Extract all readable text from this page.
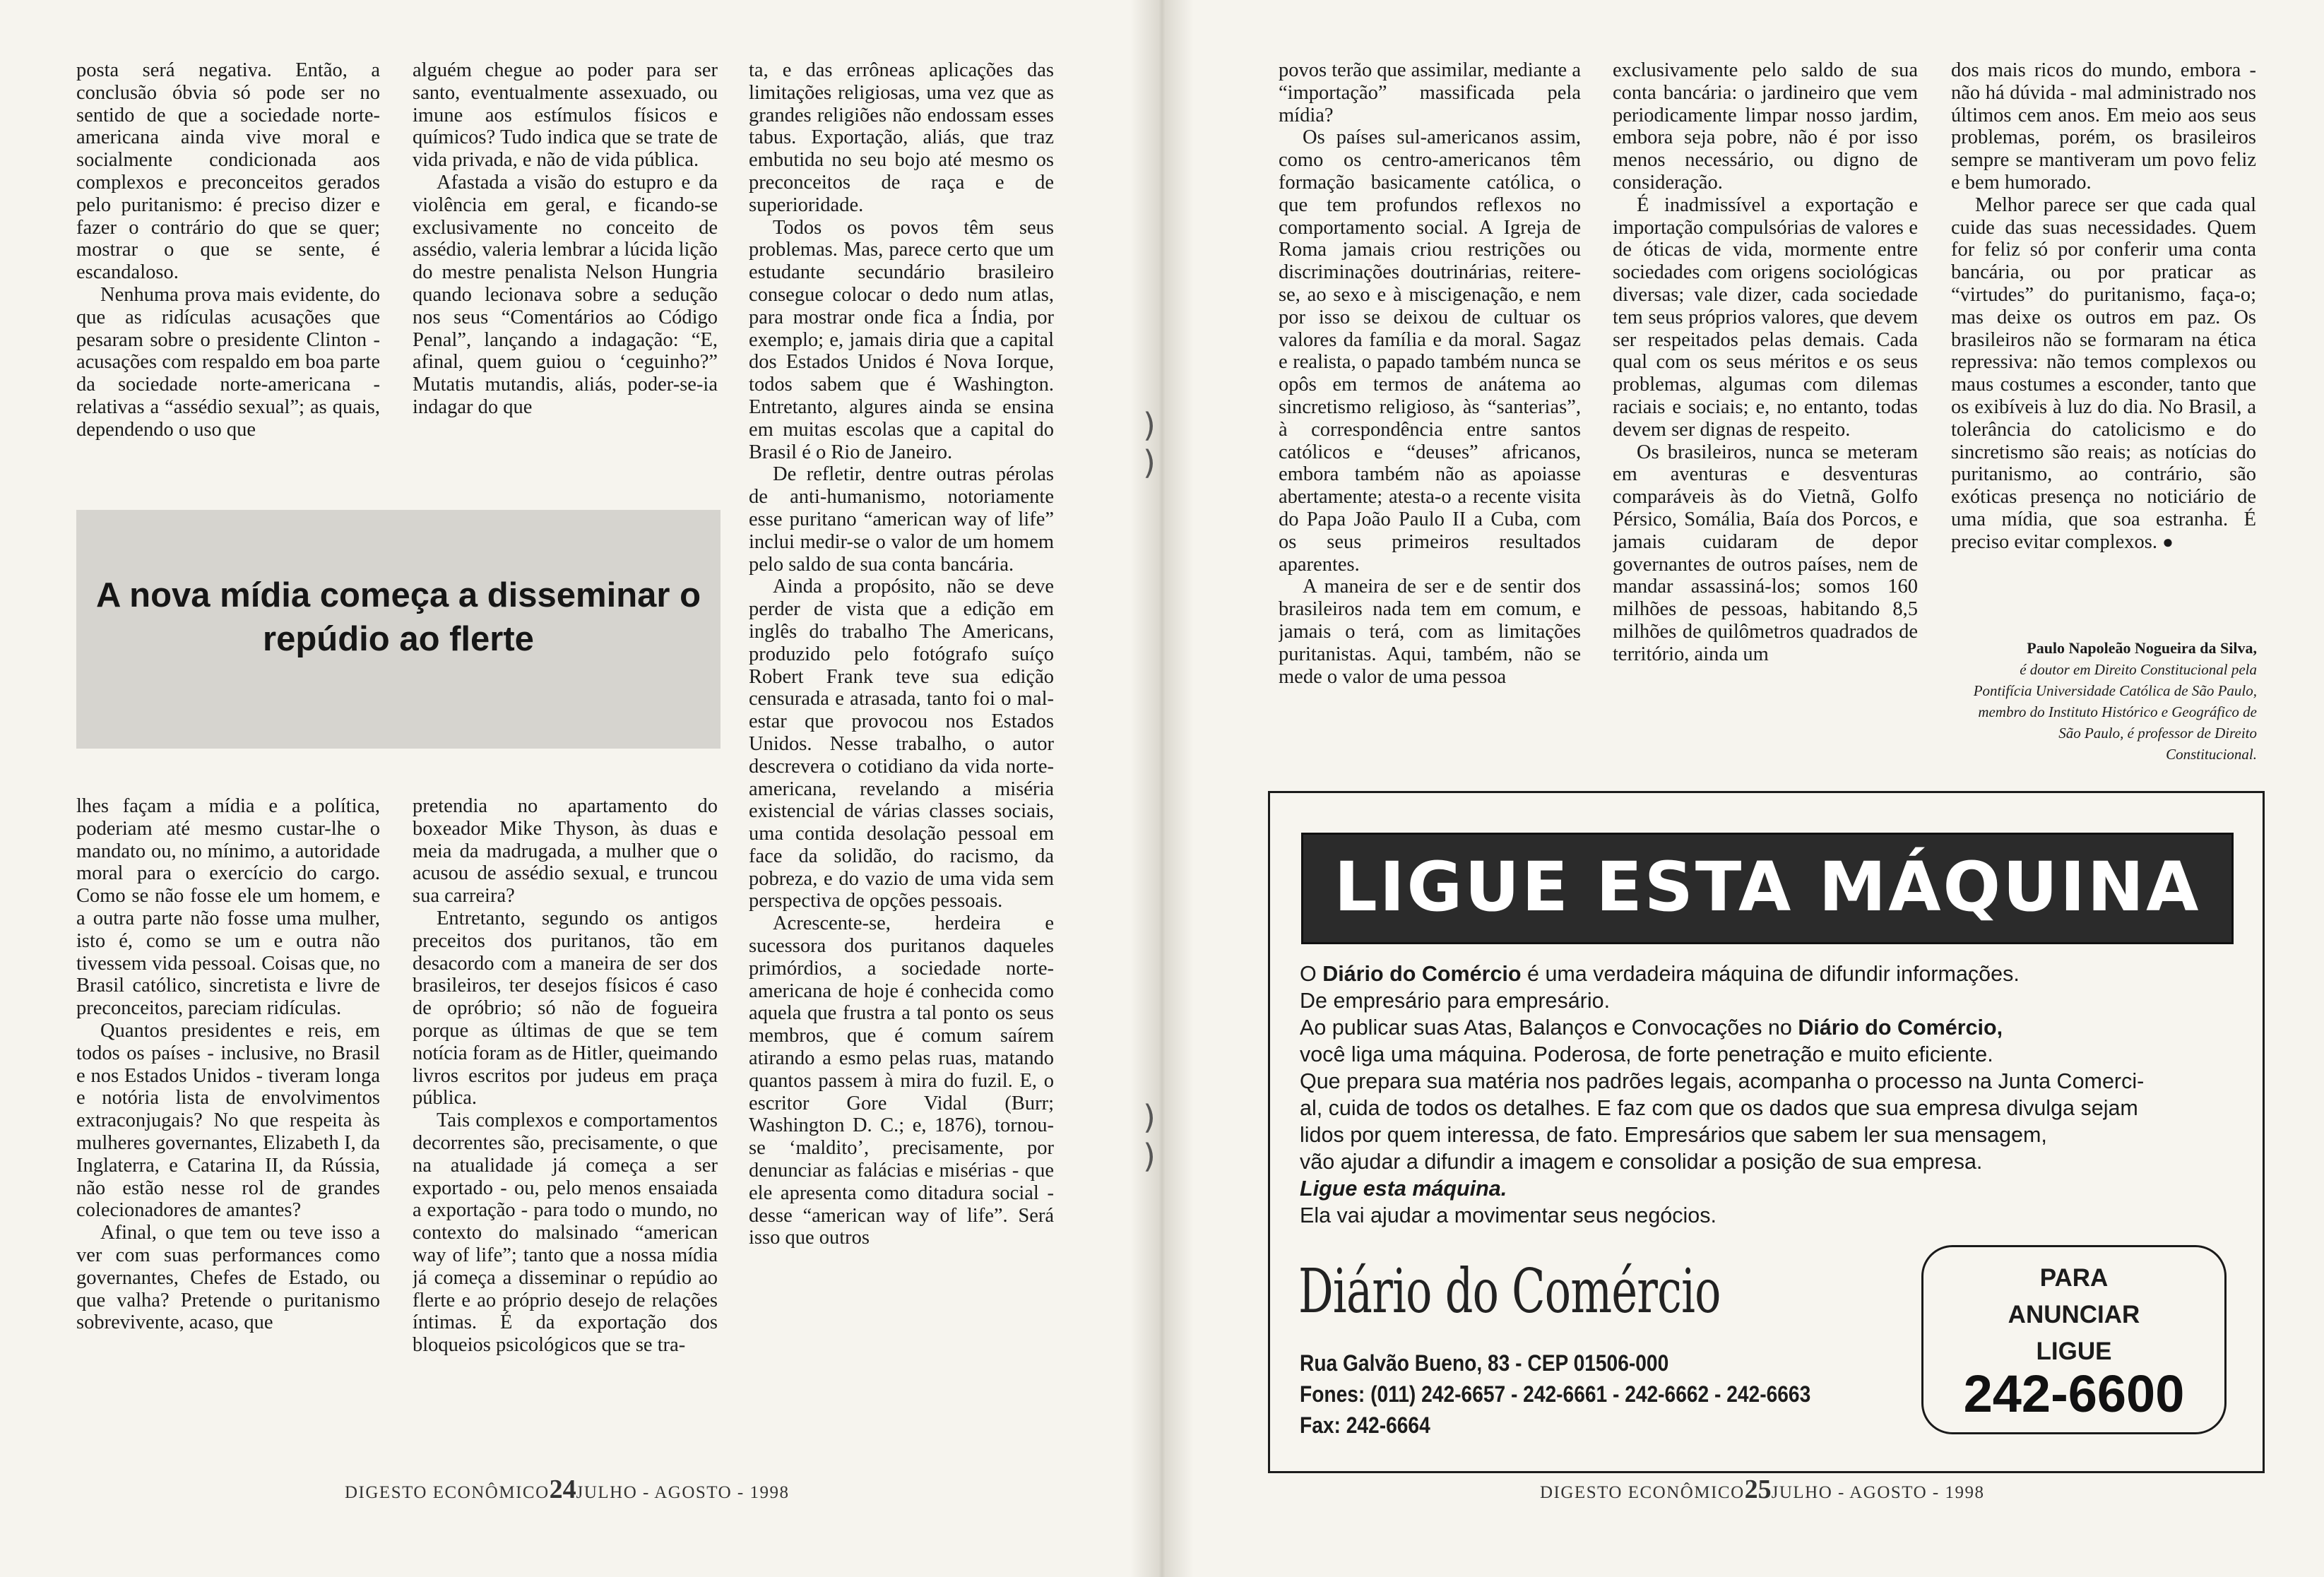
)
)
)
)

posta será negativa. Então, a conclusão óbvia só pode ser no sentido de que a sociedade norte-americana ainda vive moral e socialmente condicionada aos complexos e preconceitos gerados pelo puritanismo: é preciso dizer e fazer o contrário do que se quer; mostrar o que se sente, é escandaloso.

Nenhuma prova mais evidente, do que as ridículas acusações que pesaram sobre o presidente Clinton - acusações com respaldo em boa parte da sociedade norte-americana - relativas a “assédio sexual”; as quais, dependendo o uso que

alguém chegue ao poder para ser santo, eventualmente assexuado, ou imune aos estímulos físicos e químicos? Tudo indica que se trate de vida privada, e não de vida pública.

Afastada a visão do estupro e da violência em geral, e ficando-se exclusivamente no conceito de assédio, valeria lembrar a lúcida lição do mestre penalista Nelson Hungria quando lecionava sobre a sedução nos seus “Comentários ao Código Penal”, lançando a indagação: “E, afinal, quem guiou o ‘ceguinho?” Mutatis mutandis, aliás, poder-se-ia indagar do que

ta, e das errôneas aplicações das limitações religiosas, uma vez que as grandes religiões não endossam esses tabus. Exportação, aliás, que traz embutida no seu bojo até mesmo os preconceitos de raça e de superioridade.

Todos os povos têm seus problemas. Mas, parece certo que um estudante secundário brasileiro consegue colocar o dedo num atlas, para mostrar onde fica a Índia, por exemplo; e, jamais diria que a capital dos Estados Unidos é Nova Iorque, todos sabem que é Washington. Entretanto, algures ainda se ensina em muitas escolas que a capital do Brasil é o Rio de Janeiro.

De refletir, dentre outras pérolas de anti-humanismo, notoriamente esse puritano “american way of life” inclui medir-se o valor de um homem pelo saldo de sua conta bancária.

Ainda a propósito, não se deve perder de vista que a edição em inglês do trabalho The Americans, produzido pelo fotógrafo suíço Robert Frank teve sua edição censurada e atrasada, tanto foi o mal-estar que provocou nos Estados Unidos. Nesse trabalho, o autor descrevera o cotidiano da vida norte-americana, revelando a miséria existencial de várias classes sociais, uma contida desolação pessoal em face da solidão, do racismo, da pobreza, e do vazio de uma vida sem perspectiva de opções pessoais.

Acrescente-se, herdeira e sucessora dos puritanos daqueles primórdios, a sociedade norte-americana de hoje é conhecida como aquela que frustra a tal ponto os seus membros, que é comum saírem atirando a esmo pelas ruas, matando quantos passem à mira do fuzil. E, o escritor Gore Vidal (Burr; Washington D. C.; e, 1876), tornou-se ‘maldito’, precisamente, por denunciar as falácias e misérias - que ele apresenta como ditadura social - desse “american way of life”. Será isso que outros

A nova mídia começa a disseminar o repúdio ao flerte

lhes façam a mídia e a política, poderiam até mesmo custar-lhe o mandato ou, no mínimo, a autoridade moral para o exercício do cargo. Como se não fosse ele um homem, e a outra parte não fosse uma mulher, isto é, como se um e outra não tivessem vida pessoal. Coisas que, no Brasil católico, sincretista e livre de preconceitos, pareciam ridículas.

Quantos presidentes e reis, em todos os países - inclusive, no Brasil e nos Estados Unidos - tiveram longa e notória lista de envolvimentos extraconjugais? No que respeita às mulheres governantes, Elizabeth I, da Inglaterra, e Catarina II, da Rússia, não estão nesse rol de grandes colecionadores de amantes?

Afinal, o que tem ou teve isso a ver com suas performances como governantes, Chefes de Estado, ou que valha? Pretende o puritanismo sobrevivente, acaso, que

pretendia no apartamento do boxeador Mike Thyson, às duas e meia da madrugada, a mulher que o acusou de assédio sexual, e truncou sua carreira?

Entretanto, segundo os antigos preceitos dos puritanos, tão em desacordo com a maneira de ser dos brasileiros, ter desejos físicos é caso de opróbrio; só não de fogueira porque as últimas de que se tem notícia foram as de Hitler, queimando livros escritos por judeus em praça pública.

Tais complexos e comportamentos decorrentes são, precisamente, o que na atualidade já começa a ser exportado - ou, pelo menos ensaiada a exportação - para todo o mundo, no contexto do malsinado “american way of life”; tanto que a nossa mídia já começa a disseminar o repúdio ao flerte e ao próprio desejo de relações íntimas. É da exportação dos bloqueios psicológicos que se tra-

DIGESTO ECONÔMICO24JULHO - AGOSTO - 1998

povos terão que assimilar, mediante a “importação” massificada pela mídia?

Os países sul-americanos assim, como os centro-americanos têm formação basicamente católica, o que tem profundos reflexos no comportamento social. A Igreja de Roma jamais criou restrições ou discriminações doutrinárias, reitere-se, ao sexo e à miscigenação, e nem por isso se deixou de cultuar os valores da família e da moral. Sagaz e realista, o papado também nunca se opôs em termos de anátema ao sincretismo religioso, às “santerias”, à correspondência entre santos católicos e “deuses” africanos, embora também não as apoiasse abertamente; atesta-o a recente visita do Papa João Paulo II a Cuba, com os seus primeiros resultados aparentes.

A maneira de ser e de sentir dos brasileiros nada tem em comum, e jamais o terá, com as limitações puritanistas. Aqui, também, não se mede o valor de uma pessoa

exclusivamente pelo saldo de sua conta bancária: o jardineiro que vem periodicamente limpar nosso jardim, embora seja pobre, não é por isso menos necessário, ou digno de consideração.

É inadmissível a exportação e importação compulsórias de valores e de óticas de vida, mormente entre sociedades com origens sociológicas diversas; vale dizer, cada sociedade tem seus próprios valores, que devem ser respeitados pelas demais. Cada qual com os seus méritos e os seus problemas, algumas com dilemas raciais e sociais; e, no entanto, todas devem ser dignas de respeito.

Os brasileiros, nunca se meteram em aventuras e desventuras comparáveis às do Vietnã, Golfo Pérsico, Somália, Baía dos Porcos, e jamais cuidaram de depor governantes de outros países, nem de mandar assassiná-los; somos 160 milhões de pessoas, habitando 8,5 milhões de quilômetros quadrados de território, ainda um

dos mais ricos do mundo, embora - não há dúvida - mal administrado nos últimos cem anos. Em meio aos seus problemas, porém, os brasileiros sempre se mantiveram um povo feliz e bem humorado.

Melhor parece ser que cada qual cuide das suas necessidades. Quem for feliz só por conferir uma conta bancária, ou por praticar as “virtudes” do puritanismo, faça-o; mas deixe os outros em paz. Os brasileiros não se formaram na ética repressiva: não temos complexos ou maus costumes a esconder, tanto que os exibíveis à luz do dia. No Brasil, a tolerância do catolicismo e do sincretismo são reais; as notícias do puritanismo, ao contrário, são exóticas presença no noticiário de uma mídia, que soa estranha. É preciso evitar complexos. ●

Paulo Napoleão Nogueira da Silva,
é doutor em Direito Constitucional pela Pontifícia Universidade Católica de São Paulo, membro do Instituto Histórico e Geográfico de São Paulo, é professor de Direito Constitucional.
LIGUE ESTA MÁQUINA
O Diário do Comércio é uma verdadeira máquina de difundir informações.
De empresário para empresário.
Ao publicar suas Atas, Balanços e Convocações no Diário do Comércio,
você liga uma máquina. Poderosa, de forte penetração e muito eficiente.
Que prepara sua matéria nos padrões legais, acompanha o processo na Junta Comerci-
al, cuida de todos os detalhes. E faz com que os dados que sua empresa divulga sejam
lidos por quem interessa, de fato. Empresários que sabem ler sua mensagem,
vão ajudar a difundir a imagem e consolidar a posição de sua empresa.
Ligue esta máquina.
Ela vai ajudar a movimentar seus negócios.
Diário do Comércio
Rua Galvão Bueno, 83 - CEP 01506-000
Fones: (011) 242-6657 - 242-6661 - 242-6662 - 242-6663
Fax: 242-6664
PARA
ANUNCIAR
LIGUE
242-6600
DIGESTO ECONÔMICO25JULHO - AGOSTO - 1998
